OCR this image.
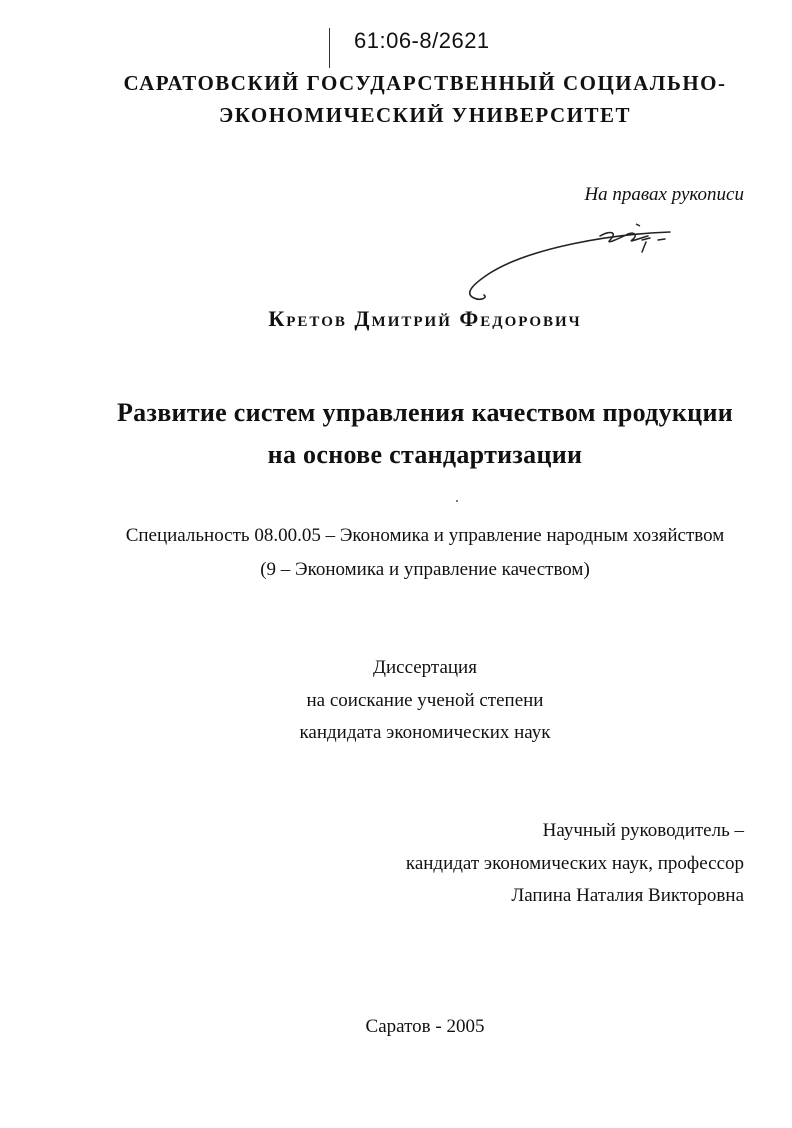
61:06-8/2621
САРАТОВСКИЙ ГОСУДАРСТВЕННЫЙ СОЦИАЛЬНО-
ЭКОНОМИЧЕСКИЙ УНИВЕРСИТЕТ
На правах рукописи
Кретов Дмитрий Федорович
Развитие систем управления качеством продукции
на основе стандартизации
Специальность 08.00.05 – Экономика и управление народным хозяйством
(9 – Экономика и управление качеством)
Диссертация
на соискание ученой степени
кандидата экономических наук
Научный руководитель –
кандидат экономических наук, профессор
Лапина Наталия Викторовна
Саратов - 2005
